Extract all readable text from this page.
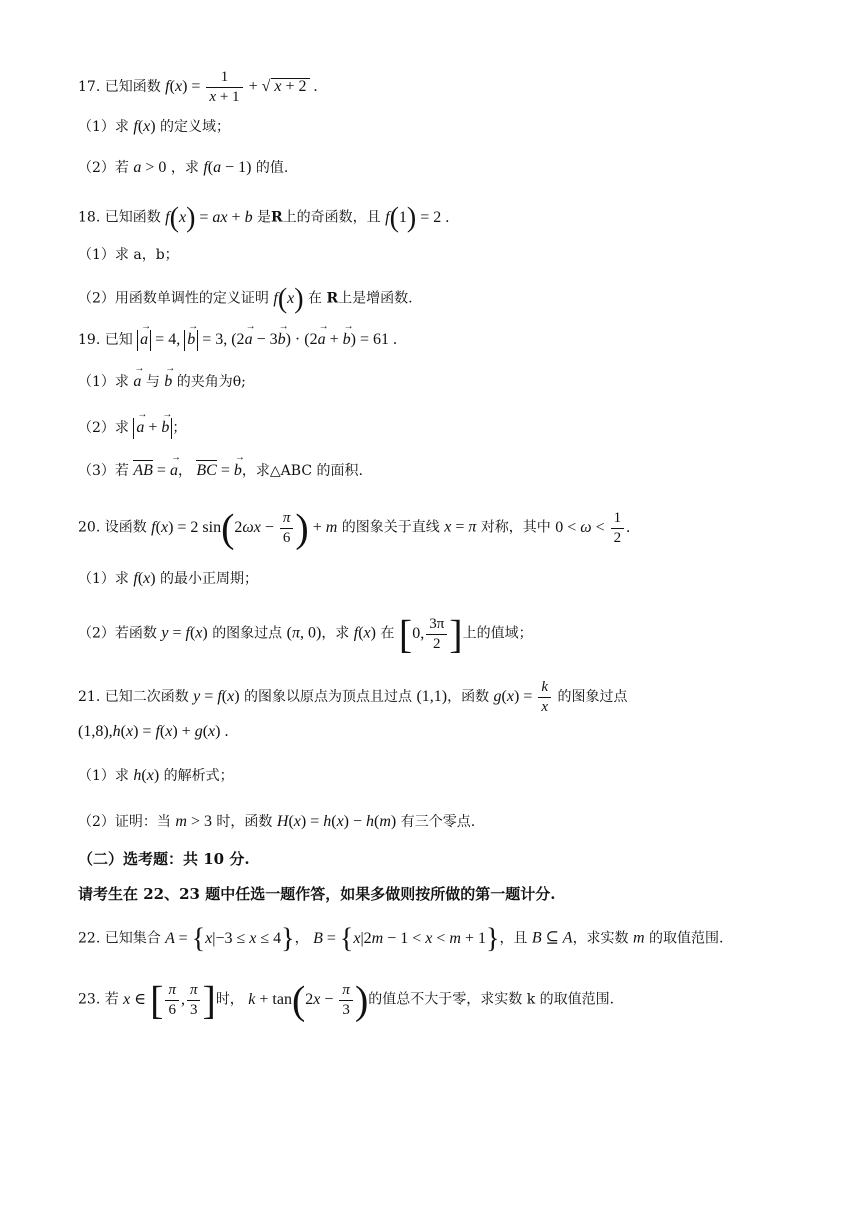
17. 已知函数 $f(x) = \frac{1}{x + 1}$ + √ x + 2 .
（1）求 f(x) 的定义域；
（2）若 a > 0 ，求 f(a − 1) 的值.
18. 已知函数 f(x) = ax + b 是R上的奇函数，且 f(1) = 2 .
（1）求 a，b；
（2）用函数单调性的定义证明 f(x) 在 R上是增函数.
19. 已知 a → = 4, b → = 3, (2a → − 3b →) · (2a → + b →) = 61 .
（1）求 a → 与 b → 的夹角为θ;
（2）求 a → + b → ；
（3）若 AB = a →， BC = b →，求△ABC 的面积.
20. 设函数 f(x) = 2 $\sin(2\omega x - \frac{\pi}{6}$ ) + m 的图象关于直线 x = π 对称，其中 $0 < \omega < \frac{1}{2}$ .
（1）求 f(x) 的最小正周期；
（2）若函数 y = f(x) 的图象过点 (π, 0)，求 f(x) 在 [0, $\frac{3\pi}{2}$ ]上的值域；
21. 已知二次函数 y = f(x) 的图象以原点为顶点且过点 (1,1)，函数 $g(x) = \frac{k}{x}$ 的图象过点
(1,8),h(x) = f(x) + g(x) .
（1）求 h(x) 的解析式；
（2）证明：当 m > 3 时，函数 H(x) = h(x) − h(m) 有三个零点.
（二）选考题：共 10 分.
请考生在 22、23 题中任选一题作答，如果多做则按所做的第一题计分.
22. 已知集合 A = {x|−3 ≤ x ≤ 4}， B = {x|2m − 1 < x < m + 1}，且 B ⊆ A，求实数 m 的取值范围.
23. 若 x ∈ [ $\frac{\pi}{6}$ , $\frac{\pi}{3}$ ]时， $k + \tan(2x - \frac{\pi}{3}$ )的值总不大于零，求实数 k 的取值范围.
